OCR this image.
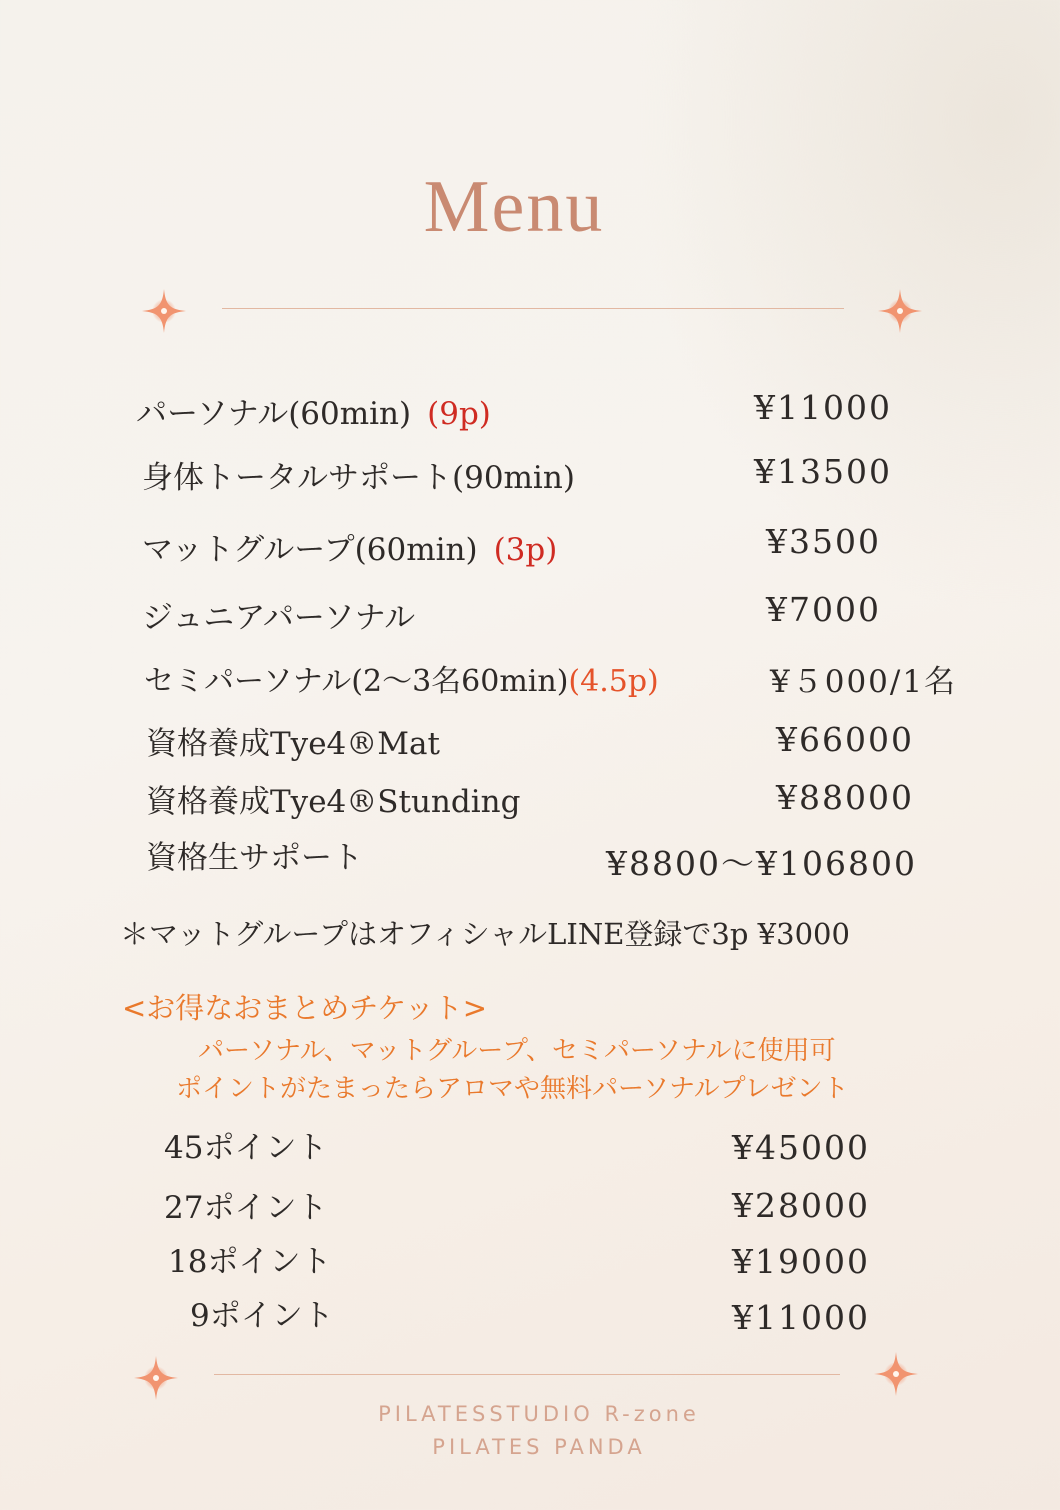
Menu
パーソナル(60min) (9p)	¥11000
身体トータルサポート(90min)	¥13500
マットグループ(60min) (3p)	¥3500
ジュニアパーソナル	¥7000
セミパーソナル(2〜3名60min)(4.5p)	¥５000/1名
資格養成Tye4®Mat	¥66000
資格養成Tye4®Stunding	¥88000
資格生サポート	¥8800〜¥106800
＊マットグループはオフィシャルLINE登録で3p ¥3000
<お得なおまとめチケット>
パーソナル、マットグループ、セミパーソナルに使用可
ポイントがたまったらアロマや無料パーソナルプレゼント
45ポイント	¥45000
27ポイント	¥28000
18ポイント	¥19000
9ポイント	¥11000
PILATESSTUDIO R-zone
PILATES PANDA
